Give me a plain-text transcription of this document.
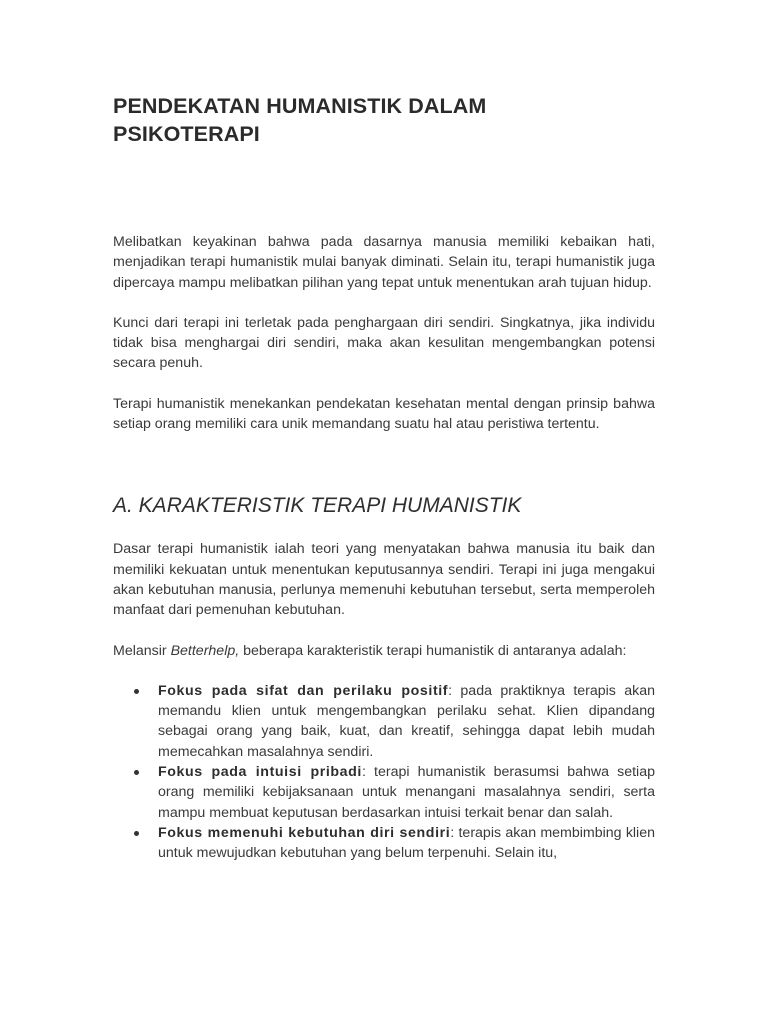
PENDEKATAN HUMANISTIK DALAM
PSIKOTERAPI

Melibatkan keyakinan bahwa pada dasarnya manusia memiliki kebaikan hati, menjadikan terapi humanistik mulai banyak diminati. Selain itu, terapi humanistik juga dipercaya mampu melibatkan pilihan yang tepat untuk menentukan arah tujuan hidup.

Kunci dari terapi ini terletak pada penghargaan diri sendiri. Singkatnya, jika individu tidak bisa menghargai diri sendiri, maka akan kesulitan mengembangkan potensi secara penuh.

Terapi humanistik menekankan pendekatan kesehatan mental dengan prinsip bahwa setiap orang memiliki cara unik memandang suatu hal atau peristiwa tertentu.

A. KARAKTERISTIK TERAPI HUMANISTIK

Dasar terapi humanistik ialah teori yang menyatakan bahwa manusia itu baik dan memiliki kekuatan untuk menentukan keputusannya sendiri. Terapi ini juga mengakui akan kebutuhan manusia, perlunya memenuhi kebutuhan tersebut, serta memperoleh manfaat dari pemenuhan kebutuhan.

Melansir Betterhelp, beberapa karakteristik terapi humanistik di antaranya adalah:

Fokus pada sifat dan perilaku positif: pada praktiknya terapis akan memandu klien untuk mengembangkan perilaku sehat. Klien dipandang sebagai orang yang baik, kuat, dan kreatif, sehingga dapat lebih mudah memecahkan masalahnya sendiri.
Fokus pada intuisi pribadi: terapi humanistik berasumsi bahwa setiap orang memiliki kebijaksanaan untuk menangani masalahnya sendiri, serta mampu membuat keputusan berdasarkan intuisi terkait benar dan salah.
Fokus memenuhi kebutuhan diri sendiri: terapis akan membimbing klien untuk mewujudkan kebutuhan yang belum terpenuhi. Selain itu,
